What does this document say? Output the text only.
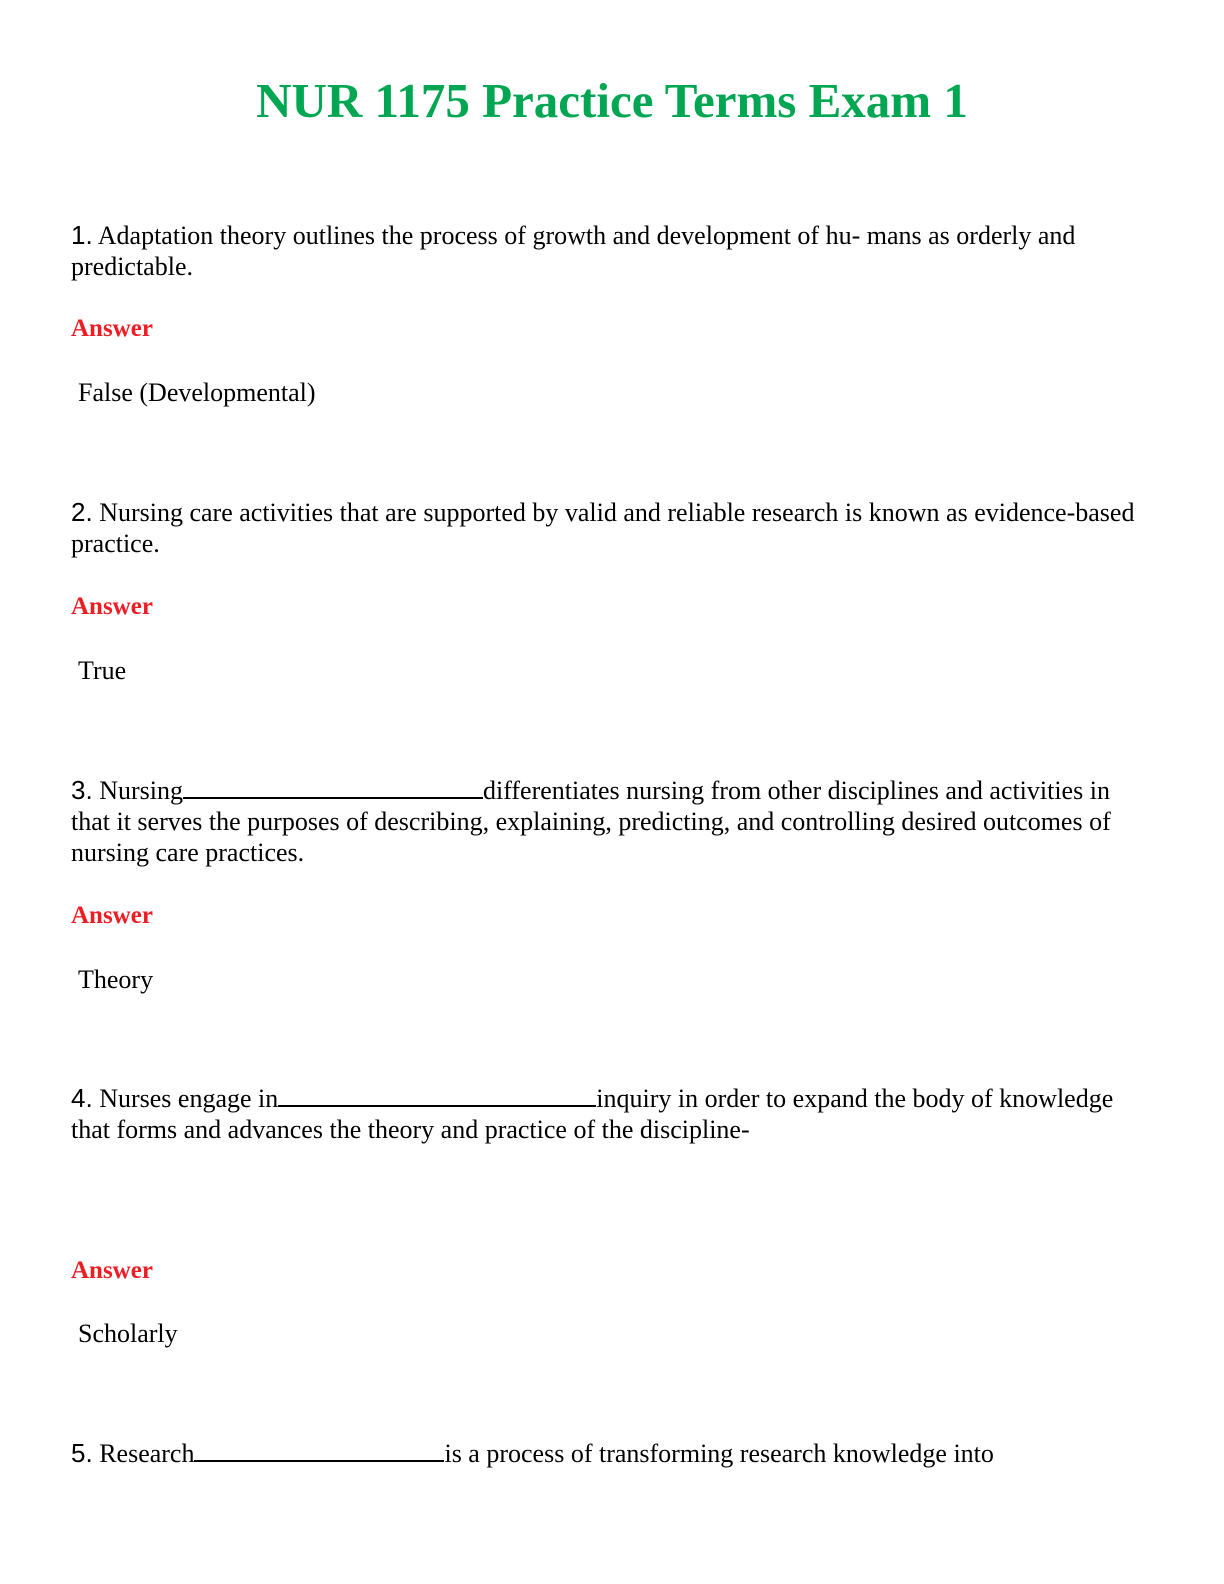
NUR 1175 Practice Terms Exam 1

1. Adaptation theory outlines the process of growth and development of hu- mans as orderly and predictable.

Answer

False (Developmental)

2. Nursing care activities that are supported by valid and reliable research is known as evidence-based practice.

Answer

True

3. Nursing	differentiates nursing from other disciplines and activities in that it serves the purposes of describing, explaining, predicting, and controlling desired outcomes of nursing care practices.

Answer

Theory

4. Nurses engage in	inquiry in order to expand the body of knowledge that forms and advances the theory and practice of the discipline-

Answer

Scholarly

5. Research	is a process of transforming research knowledge into
